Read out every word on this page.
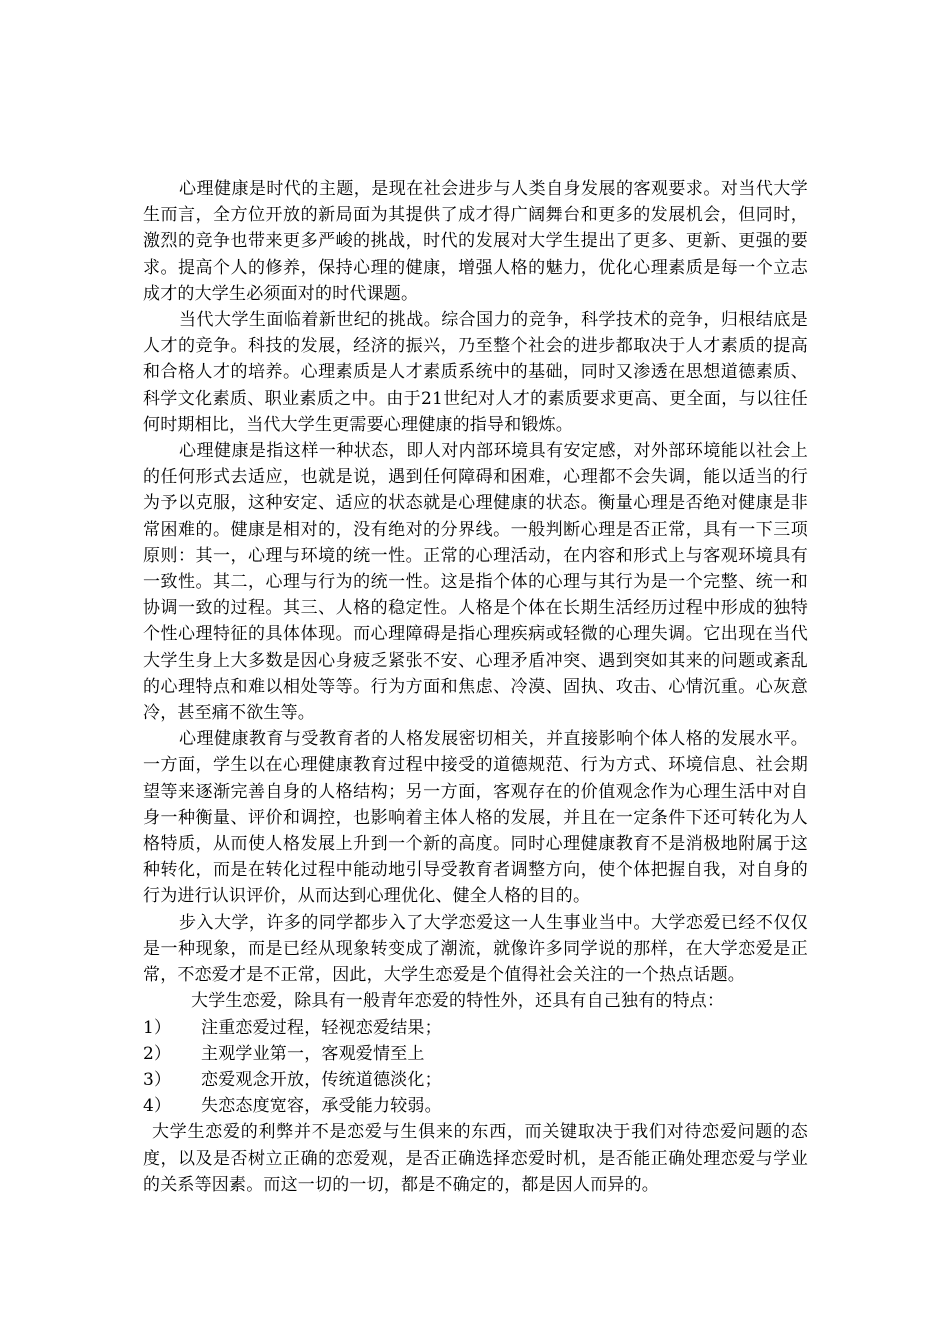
心理健康是时代的主题，是现在社会进步与人类自身发展的客观要求。对当代大学生而言，全方位开放的新局面为其提供了成才得广阔舞台和更多的发展机会，但同时，激烈的竞争也带来更多严峻的挑战，时代的发展对大学生提出了更多、更新、更强的要求。提高个人的修养，保持心理的健康，增强人格的魅力，优化心理素质是每一个立志成才的大学生必须面对的时代课题。

当代大学生面临着新世纪的挑战。综合国力的竞争，科学技术的竞争，归根结底是人才的竞争。科技的发展，经济的振兴，乃至整个社会的进步都取决于人才素质的提高和合格人才的培养。心理素质是人才素质系统中的基础，同时又渗透在思想道德素质、科学文化素质、职业素质之中。由于21世纪对人才的素质要求更高、更全面，与以往任何时期相比，当代大学生更需要心理健康的指导和锻炼。

心理健康是指这样一种状态，即人对内部环境具有安定感，对外部环境能以社会上的任何形式去适应，也就是说，遇到任何障碍和困难，心理都不会失调，能以适当的行为予以克服，这种安定、适应的状态就是心理健康的状态。衡量心理是否绝对健康是非常困难的。健康是相对的，没有绝对的分界线。一般判断心理是否正常，具有一下三项原则：其一，心理与环境的统一性。正常的心理活动，在内容和形式上与客观环境具有一致性。其二，心理与行为的统一性。这是指个体的心理与其行为是一个完整、统一和协调一致的过程。其三、人格的稳定性。人格是个体在长期生活经历过程中形成的独特个性心理特征的具体体现。而心理障碍是指心理疾病或轻微的心理失调。它出现在当代大学生身上大多数是因心身疲乏紧张不安、心理矛盾冲突、遇到突如其来的问题或紊乱的心理特点和难以相处等等。行为方面和焦虑、冷漠、固执、攻击、心情沉重。心灰意冷，甚至痛不欲生等。

心理健康教育与受教育者的人格发展密切相关，并直接影响个体人格的发展水平。一方面，学生以在心理健康教育过程中接受的道德规范、行为方式、环境信息、社会期望等来逐渐完善自身的人格结构；另一方面，客观存在的价值观念作为心理生活中对自身一种衡量、评价和调控，也影响着主体人格的发展，并且在一定条件下还可转化为人格特质，从而使人格发展上升到一个新的高度。同时心理健康教育不是消极地附属于这种转化，而是在转化过程中能动地引导受教育者调整方向，使个体把握自我，对自身的行为进行认识评价，从而达到心理优化、健全人格的目的。

步入大学，许多的同学都步入了大学恋爱这一人生事业当中。大学恋爱已经不仅仅是一种现象，而是已经从现象转变成了潮流，就像许多同学说的那样，在大学恋爱是正常，不恋爱才是不正常，因此，大学生恋爱是个值得社会关注的一个热点话题。

大学生恋爱，除具有一般青年恋爱的特性外，还具有自己独有的特点：

1）	注重恋爱过程，轻视恋爱结果；
2）	主观学业第一，客观爱情至上
3）	恋爱观念开放，传统道德淡化；
4）	失恋态度宽容，承受能力较弱。

大学生恋爱的利弊并不是恋爱与生俱来的东西，而关键取决于我们对待恋爱问题的态度，以及是否树立正确的恋爱观，是否正确选择恋爱时机，是否能正确处理恋爱与学业的关系等因素。而这一切的一切，都是不确定的，都是因人而异的。
